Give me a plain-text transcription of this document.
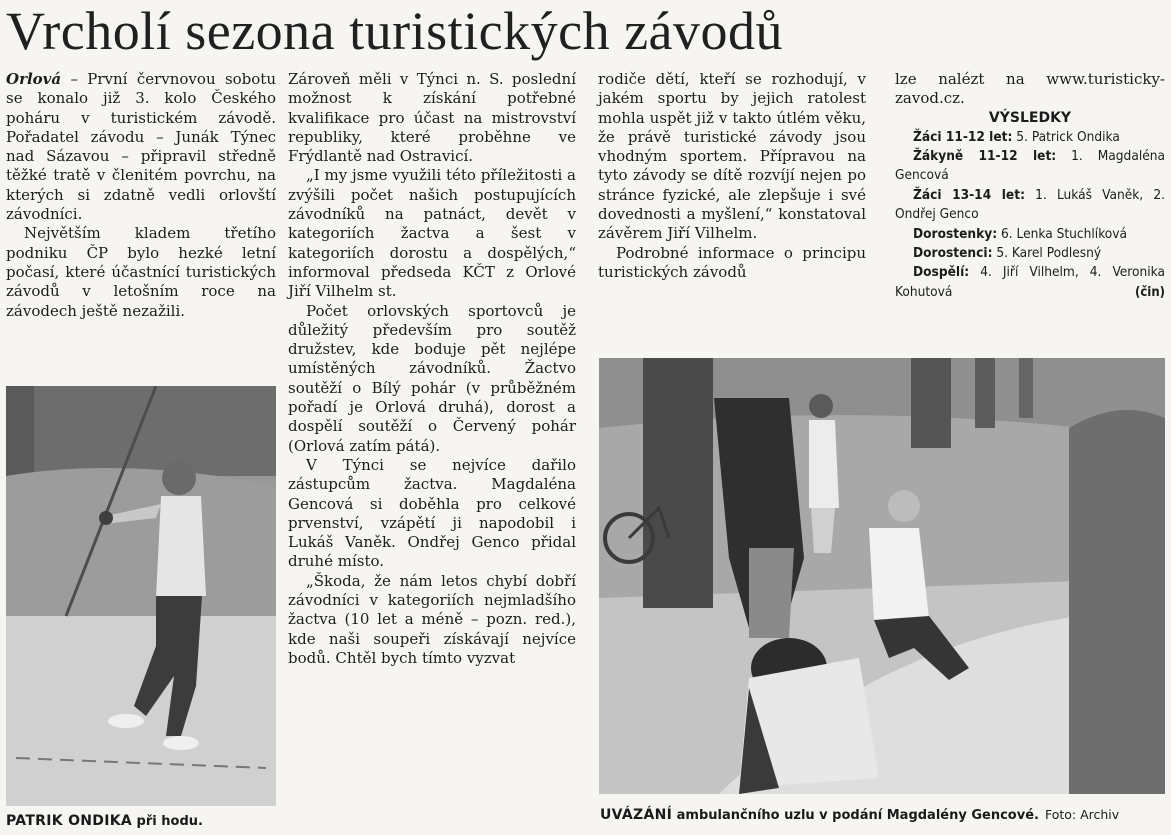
Vrcholí sezona turistických závodů

Orlová – První červnovou sobotu se konalo již 3. kolo Českého poháru v turistickém závodě. Pořadatel závodu – Junák Týnec nad Sázavou – připravil středně těžké tratě v členitém povrchu, na kterých si zdatně vedli orlovští závodníci.

Největším kladem třetího podniku ČP bylo hezké letní počasí, které účastnící turistických závodů v letošním roce na závodech ještě nezažili.

PATRIK ONDIKA při hodu.

Zároveň měli v Týnci n. S. poslední možnost k získání potřebné kvalifikace pro účast na mistrovství republiky, které proběhne ve Frýdlantě nad Ostravicí.

„I my jsme využili této příležitosti a zvýšili počet našich postupujících závodníků na patnáct, devět v kategoriích žactva a šest v kategoriích dorostu a dospělých,“ informoval předseda KČT z Orlové Jiří Vilhelm st.

Počet orlovských sportovců je důležitý především pro soutěž družstev, kde boduje pět nejlépe umístěných závodníků. Žactvo soutěží o Bílý pohár (v průběžném pořadí je Orlová druhá), dorost a dospělí soutěží o Červený pohár (Orlová zatím pátá).

V Týnci se nejvíce dařilo zástupcům žactva. Magdaléna Gencová si doběhla pro celkové prvenství, vzápětí ji napodobil i Lukáš Vaněk. Ondřej Genco přidal druhé místo.

„Škoda, že nám letos chybí dobří závodníci v kategoriích nejmladšího žactva (10 let a méně – pozn. red.), kde naši soupeři získávají nejvíce bodů. Chtěl bych tímto vyzvat

rodiče dětí, kteří se rozhodují, v jakém sportu by jejich ratolest mohla uspět již v takto útlém věku, že právě turistické závody jsou vhodným sportem. Přípravou na tyto závody se dítě rozvíjí nejen po stránce fyzické, ale zlepšuje i své dovednosti a myšlení,“ konstatoval závěrem Jiří Vilhelm.

Podrobné informace o principu turistických závodů

lze nalézt na www.turisticky-zavod.cz.

VÝSLEDKY

Žáci 11-12 let: 5. Patrick Ondika

Žákyně 11-12 let: 1. Magdaléna Gencová

Žáci 13-14 let: 1. Lukáš Vaněk, 2. Ondřej Genco

Dorostenky: 6. Lenka Stuchlíková

Dorostenci: 5. Karel Podlesný

Dospělí: 4. Jiří Vilhelm, 4. Veronika Kohutová	(čin)

UVÁZÁNÍ ambulančního uzlu v podání Magdalény Gencové. Foto: Archiv
